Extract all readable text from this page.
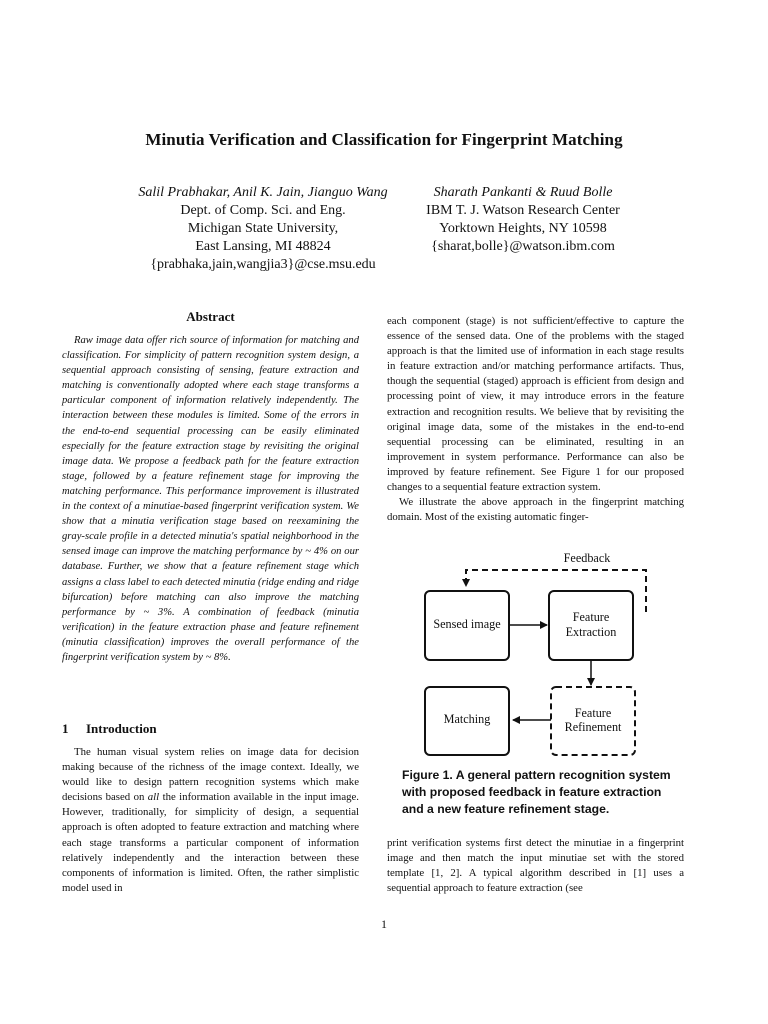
Minutia Verification and Classification for Fingerprint Matching
Salil Prabhakar, Anil K. Jain, Jianguo Wang
Dept. of Comp. Sci. and Eng.
Michigan State University,
East Lansing, MI 48824
{prabhaka,jain,wangjia3}@cse.msu.edu
Sharath Pankanti & Ruud Bolle
IBM T. J. Watson Research Center
Yorktown Heights, NY 10598
{sharat,bolle}@watson.ibm.com
Abstract
Raw image data offer rich source of information for matching and classification. For simplicity of pattern recognition system design, a sequential approach consisting of sensing, feature extraction and matching is conventionally adopted where each stage transforms a particular component of information relatively independently. The interaction between these modules is limited. Some of the errors in the end-to-end sequential processing can be easily eliminated especially for the feature extraction stage by revisiting the original image data. We propose a feedback path for the feature extraction stage, followed by a feature refinement stage for improving the matching performance. This performance improvement is illustrated in the context of a minutiae-based fingerprint verification system. We show that a minutia verification stage based on reexamining the gray-scale profile in a detected minutia's spatial neighborhood in the sensed image can improve the matching performance by ~ 4% on our database. Further, we show that a feature refinement stage which assigns a class label to each detected minutia (ridge ending and ridge bifurcation) before matching can also improve the matching performance by ~ 3%. A combination of feedback (minutia verification) in the feature extraction phase and feature refinement (minutia classification) improves the overall performance of the fingerprint verification system by ~ 8%.
1 Introduction
The human visual system relies on image data for decision making because of the richness of the image context. Ideally, we would like to design pattern recognition systems which make decisions based on all the information available in the input image. However, traditionally, for simplicity of design, a sequential approach is often adopted to feature extraction and matching where each stage transforms a particular component of information relatively independently and the interaction between these components of information is limited. Often, the rather simplistic model used in

each component (stage) is not sufficient/effective to capture the essence of the sensed data. One of the problems with the staged approach is that the limited use of information in each stage results in feature extraction and/or matching performance artifacts. Thus, though the sequential (staged) approach is efficient from design and processing point of view, it may introduce errors in the feature extraction and recognition results. We believe that by revisiting the original image data, some of the mistakes in the end-to-end sequential processing can be eliminated, resulting in an improvement in system performance. Performance can also be improved by feature refinement. See Figure 1 for our proposed changes to a sequential feature extraction system.

We illustrate the above approach in the fingerprint matching domain. Most of the existing automatic finger-

Feedback
Sensed image	Feature
Extraction
Matching	Feature
Refinement
Figure 1. A general pattern recognition system with proposed feedback in feature extraction and a new feature refinement stage.
print verification systems first detect the minutiae in a fingerprint image and then match the input minutiae set with the stored template [1, 2]. A typical algorithm described in [1] uses a sequential approach to feature extraction (see
1
